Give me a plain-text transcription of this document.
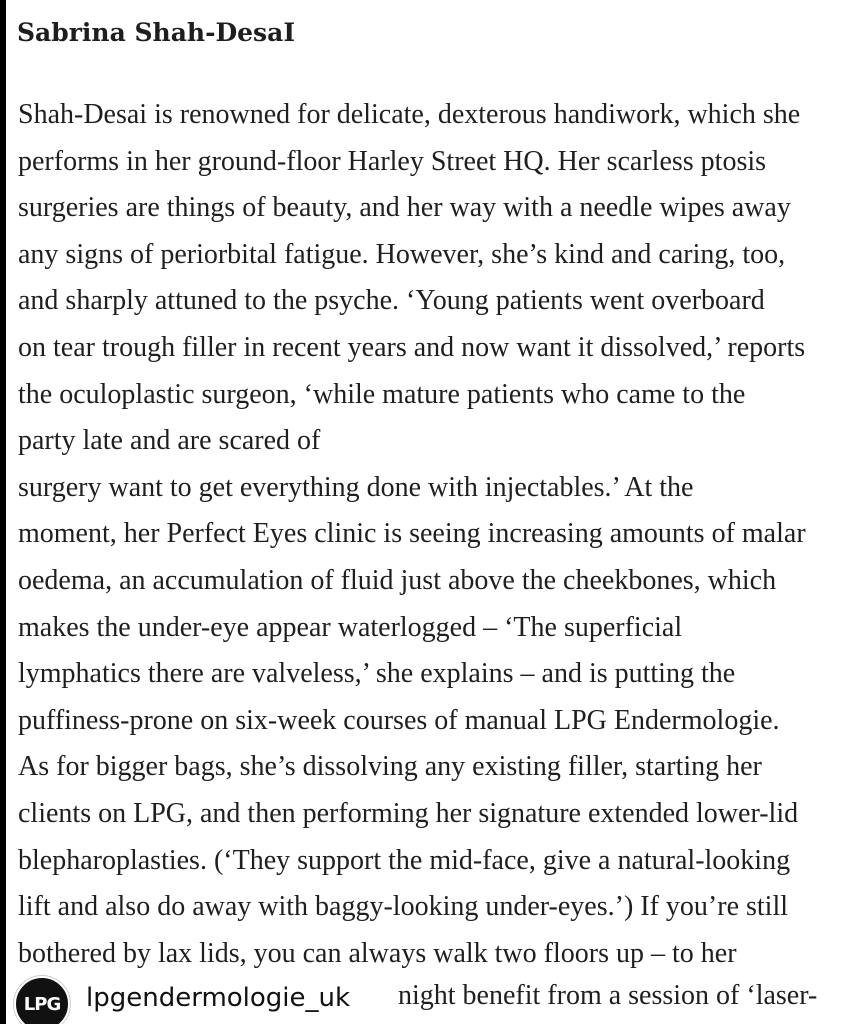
Sabrina Shah-DesaI

Shah-Desai is renowned for delicate, dexterous handiwork, which she
performs in her ground-floor Harley Street HQ. Her scarless ptosis
surgeries are things of beauty, and her way with a needle wipes away
any signs of periorbital fatigue. However, she’s kind and caring, too,
and sharply attuned to the psyche. ‘Young patients went overboard
on tear trough filler in recent years and now want it dissolved,’ reports
the oculoplastic surgeon, ‘while mature patients who came to the
party late and are scared of
surgery want to get everything done with injectables.’ At the
moment, her Perfect Eyes clinic is seeing increasing amounts of malar
oedema, an accumulation of fluid just above the cheekbones, which
makes the under-eye appear waterlogged – ‘The superficial
lymphatics there are valveless,’ she explains – and is putting the
puffiness-prone on six-week courses of manual LPG Endermologie.
As for bigger bags, she’s dissolving any existing filler, starting her
clients on LPG, and then performing her signature extended lower-lid
blepharoplasties. (‘They support the mid-face, give a natural-looking
lift and also do away with baggy-looking under-eyes.’) If you’re still
bothered by lax lids, you can always walk two floors up – to her

night benefit from a session of ‘laser-
LPG lpgendermologie_uk
